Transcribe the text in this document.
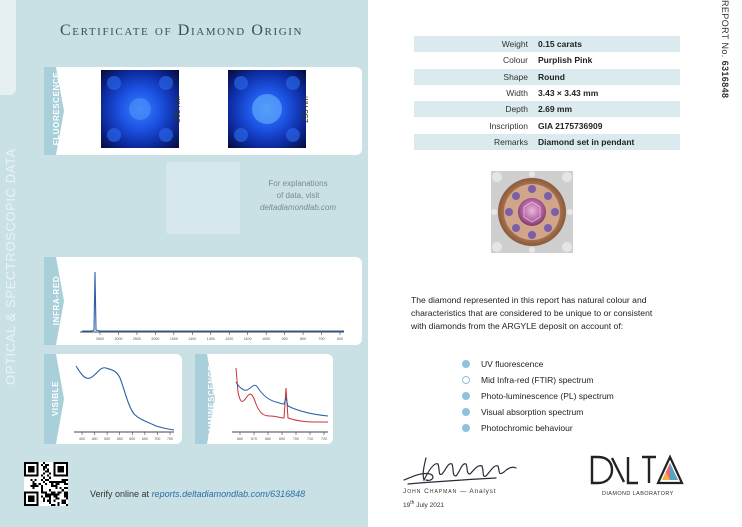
Certificate of Diamond Origin
OPTICAL & SPECTROSCOPIC DATA
FLUORESCENCE	365 nm	255 nm
For explanations
of data, visit
deltadiamondlab.com
INFRA-RED
3500	3000	2500	2000	1500	1400	1300	1200	1100	1000	900	800	700	600
VISIBLE
400 450 500 550 600 650 700 750
LUMINESCENCE
660 670 680 690 700 710 720
Verify online at reports.deltadiamondlab.com/6316848
REPORT No. 6316848
Weight	0.15 carats
Colour	Purplish Pink
Shape	Round
Width	3.43 × 3.43 mm
Depth	2.69 mm
Inscription	GIA 2175736909
Remarks	Diamond set in pendant
The diamond represented in this report has natural colour and characteristics that are considered to be unique to or consistent with diamonds from the ARGYLE deposit on account of:
UV fluorescence
Mid Infra-red (FTIR) spectrum
Photo-luminescence (PL) spectrum
Visual absorption spectrum
Photochromic behaviour
John Chapman — Analyst
19th July 2021
DIAMOND LABORATORY
